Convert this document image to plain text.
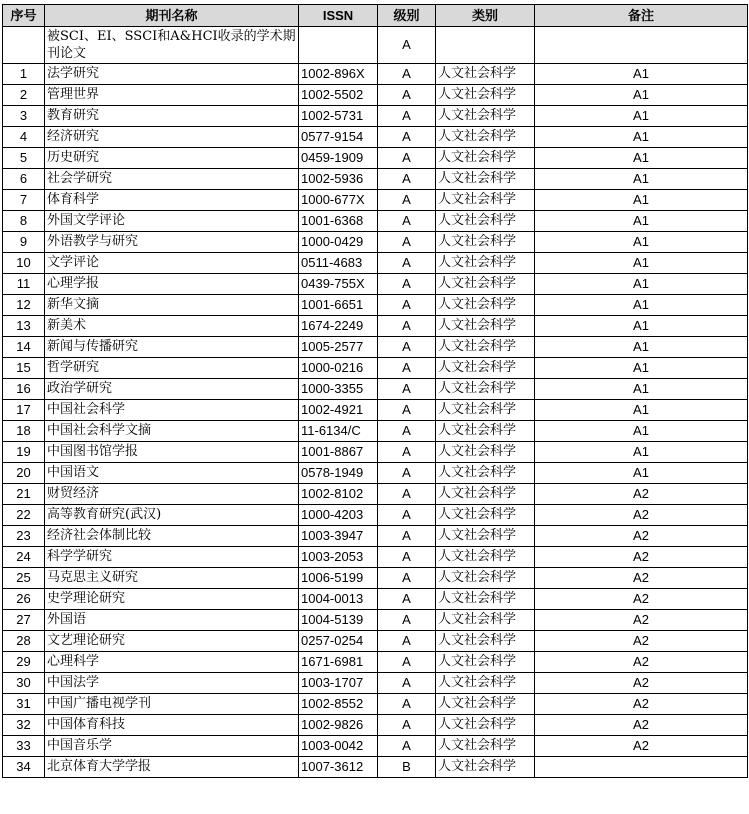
序号	期刊名称	ISSN	级别	类别	备注
	被SCI、EI、SSCI和A&HCI收录的学术期刊论文		A		
1	法学研究	1002-896X	A	人文社会科学	A1
2	管理世界	1002-5502	A	人文社会科学	A1
3	教育研究	1002-5731	A	人文社会科学	A1
4	经济研究	0577-9154	A	人文社会科学	A1
5	历史研究	0459-1909	A	人文社会科学	A1
6	社会学研究	1002-5936	A	人文社会科学	A1
7	体育科学	1000-677X	A	人文社会科学	A1
8	外国文学评论	1001-6368	A	人文社会科学	A1
9	外语教学与研究	1000-0429	A	人文社会科学	A1
10	文学评论	0511-4683	A	人文社会科学	A1
11	心理学报	0439-755X	A	人文社会科学	A1
12	新华文摘	1001-6651	A	人文社会科学	A1
13	新美术	1674-2249	A	人文社会科学	A1
14	新闻与传播研究	1005-2577	A	人文社会科学	A1
15	哲学研究	1000-0216	A	人文社会科学	A1
16	政治学研究	1000-3355	A	人文社会科学	A1
17	中国社会科学	1002-4921	A	人文社会科学	A1
18	中国社会科学文摘	11-6134/C	A	人文社会科学	A1
19	中国图书馆学报	1001-8867	A	人文社会科学	A1
20	中国语文	0578-1949	A	人文社会科学	A1
21	财贸经济	1002-8102	A	人文社会科学	A2
22	高等教育研究(武汉)	1000-4203	A	人文社会科学	A2
23	经济社会体制比较	1003-3947	A	人文社会科学	A2
24	科学学研究	1003-2053	A	人文社会科学	A2
25	马克思主义研究	1006-5199	A	人文社会科学	A2
26	史学理论研究	1004-0013	A	人文社会科学	A2
27	外国语	1004-5139	A	人文社会科学	A2
28	文艺理论研究	0257-0254	A	人文社会科学	A2
29	心理科学	1671-6981	A	人文社会科学	A2
30	中国法学	1003-1707	A	人文社会科学	A2
31	中国广播电视学刊	1002-8552	A	人文社会科学	A2
32	中国体育科技	1002-9826	A	人文社会科学	A2
33	中国音乐学	1003-0042	A	人文社会科学	A2
34	北京体育大学学报	1007-3612	B	人文社会科学	
